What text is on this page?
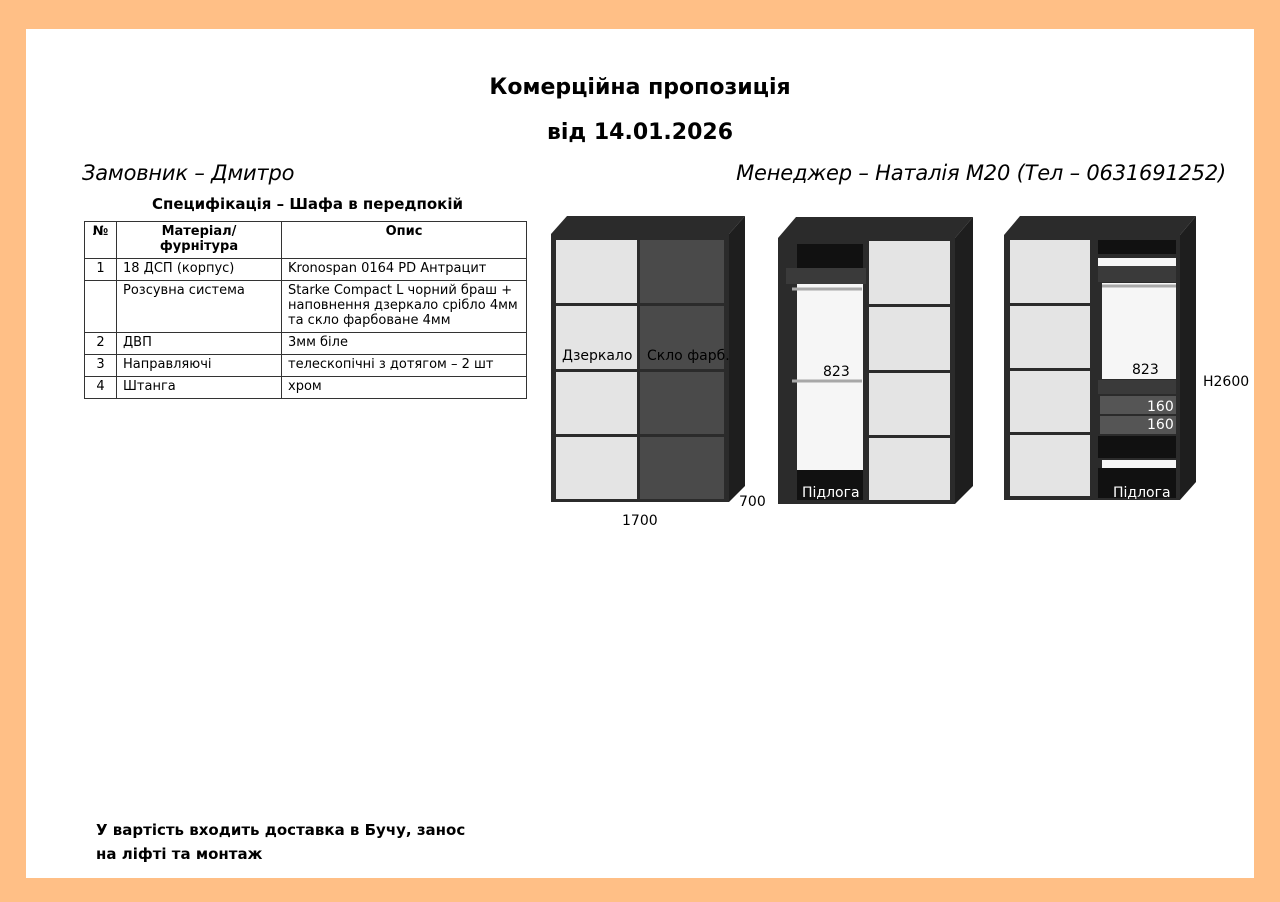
Комерційна пропозиція
від 14.01.2026
Замовник – Дмитро	Менеджер – Наталія М20 (Тел – 0631691252)
Специфікація – Шафа в передпокій
№	Матеріал/фурнітура	Опис
1	18 ДСП (корпус)	Kronospan 0164 PD Антрацит
	Розсувна система	Starke Compact L чорний браш + наповнення дзеркало срібло 4мм та скло фарбоване 4мм
2	ДВП	3мм біле
3	Направляючі	телескопічні з дотягом – 2 шт
4	Штанга	хром
У вартість входить доставка в Бучу, занос
на ліфті та монтаж
Дзеркало Скло фарб.
1700
700
823
Підлога
823
160
160
Підлога
H2600
